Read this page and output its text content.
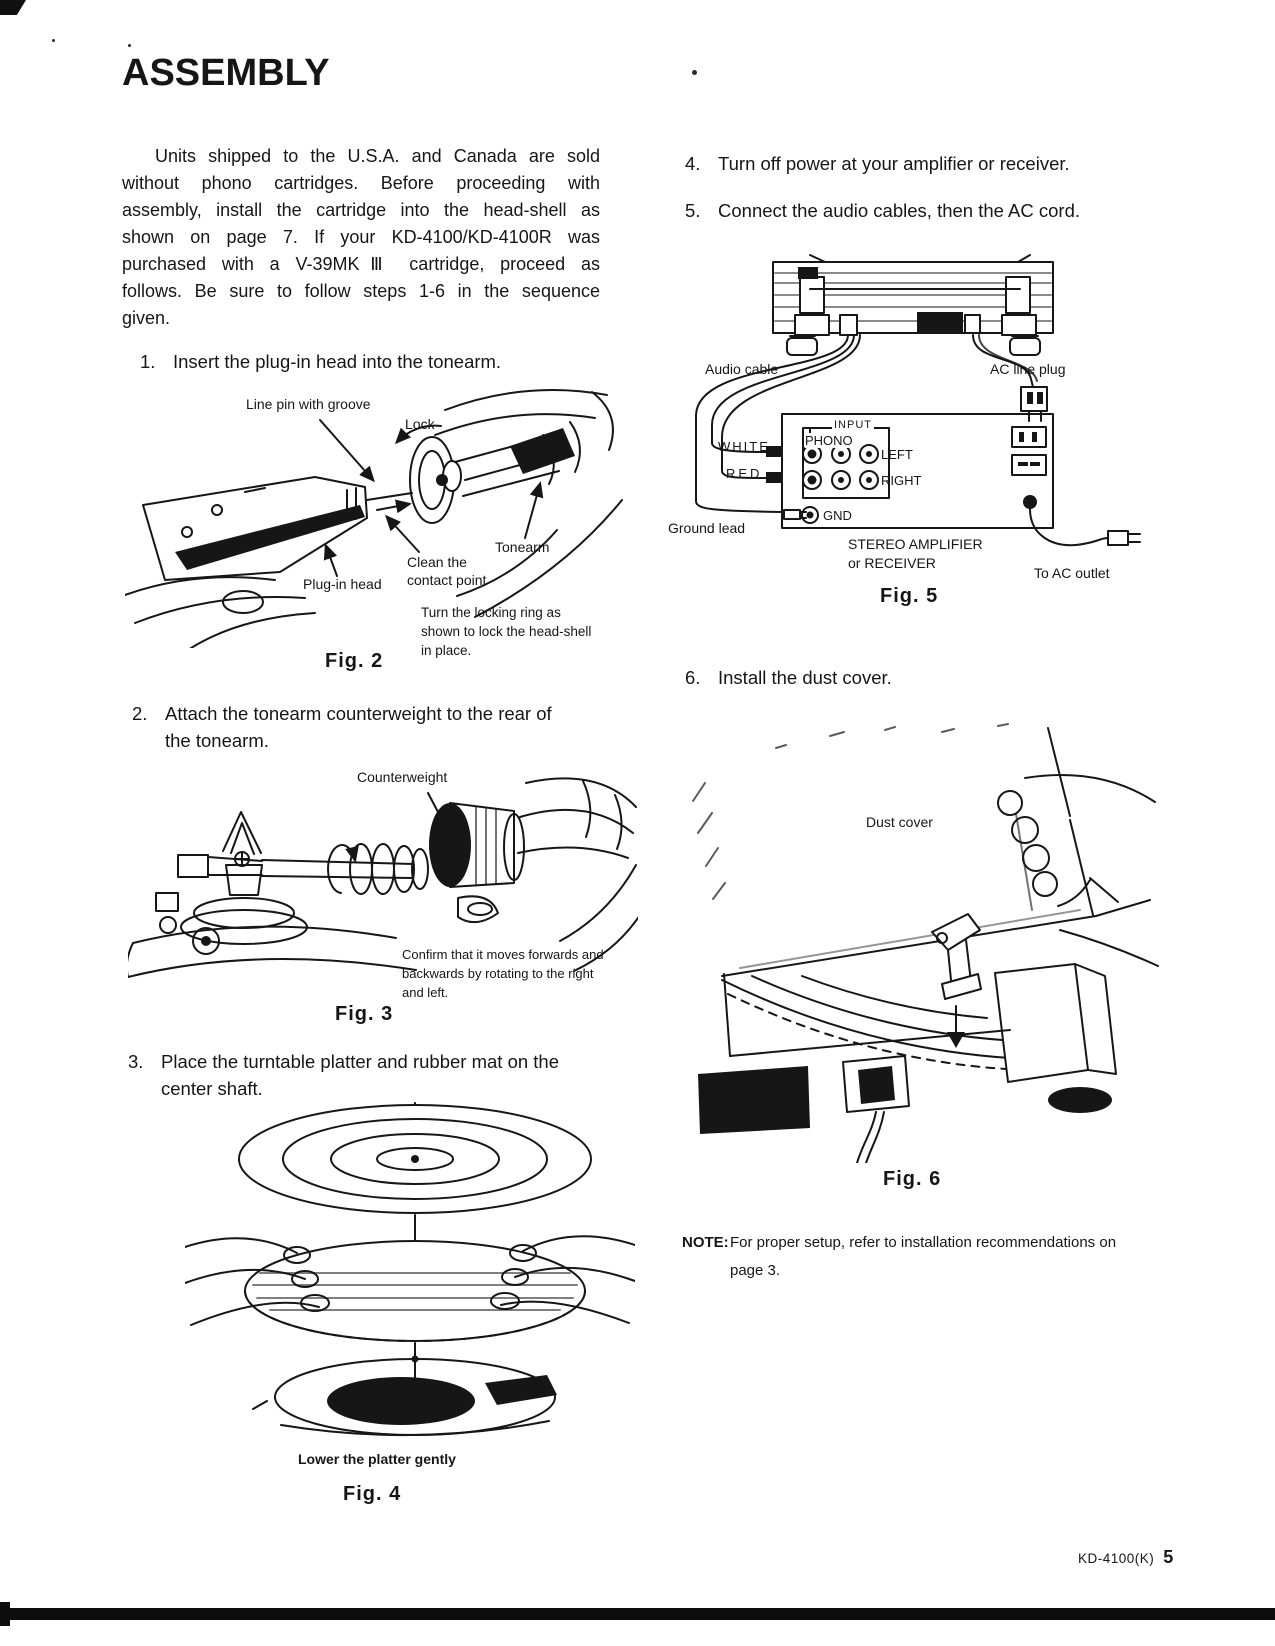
ASSEMBLY
Units shipped to the U.S.A. and Canada are sold
without phono cartridges. Before proceeding with
assembly, install the cartridge into the head-shell as
shown on page 7. If your KD-4100/KD-4100R was
purchased with a V-39MKⅢ cartridge, proceed as
follows. Be sure to follow steps 1-6 in the sequence
given.
1. Insert the plug-in head into the tonearm.
Line pin with groove
Lock
Tonearm
Clean the contact point
Plug-in head
Turn the locking ring as
shown to lock the head-shell
in place.
Fig. 2
2. Attach the tonearm counterweight to the rear of
the tonearm.
Counterweight
Confirm that it moves forwards and
backwards by rotating to the right
and left.
Fig. 3
3. Place the turntable platter and rubber mat on the
center shaft.
Lower the platter gently
Fig. 4
4. Turn off power at your amplifier or receiver.
5. Connect the audio cables, then the AC cord.
Audio cable	AC line plug
WHITE
RED
INPUT
PHONO
LEFT
RIGHT
GND
Ground lead
STEREO AMPLIFIER
or RECEIVER
To AC outlet
Fig. 5
6. Install the dust cover.
Dust cover
Fig. 6
NOTE: For proper setup, refer to installation recommendations on
page 3.
KD-4100(K) 5
